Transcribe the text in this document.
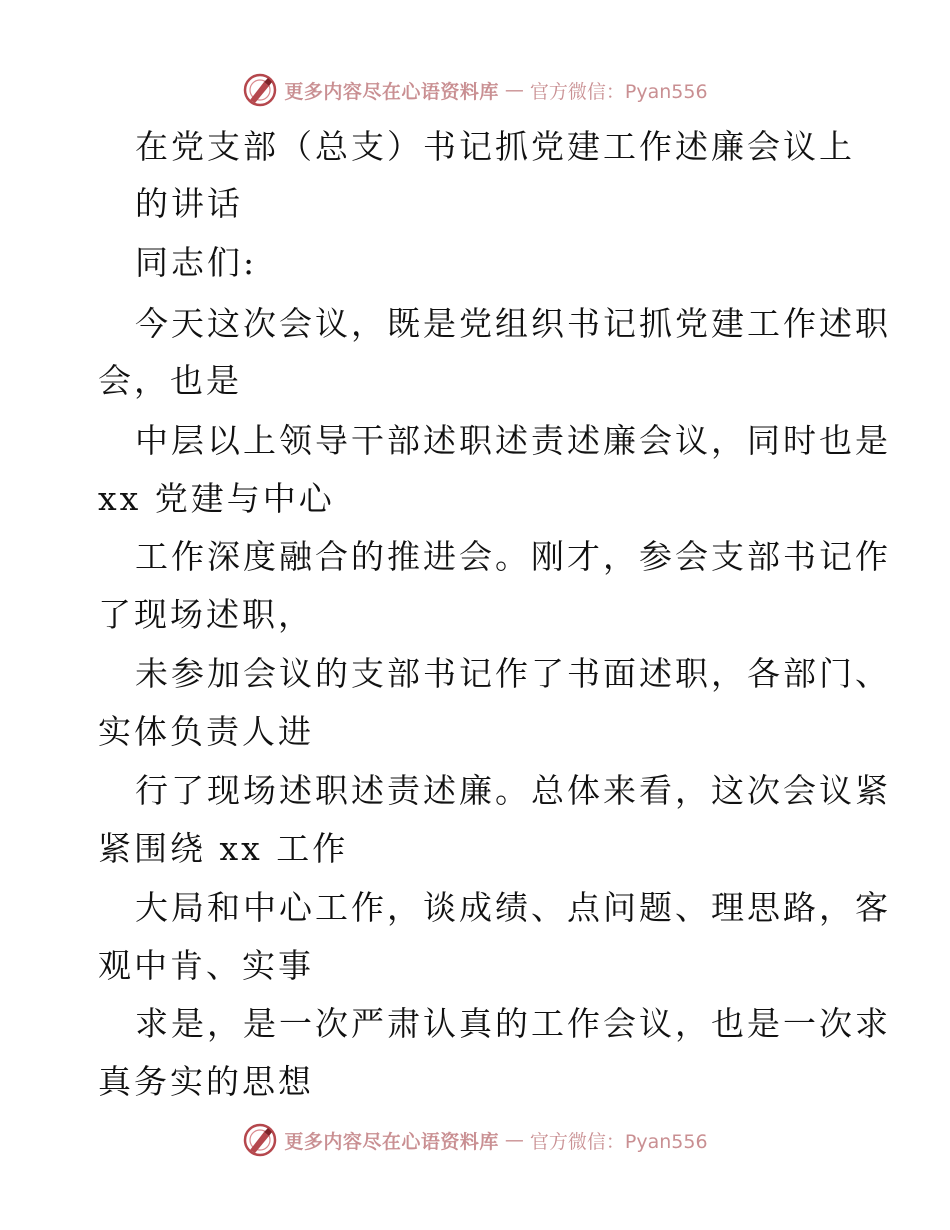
更多内容尽在心语资料库 — 官方微信：Pyan556
在党支部（总支）书记抓党建工作述廉会议上
的讲话
同志们:
今天这次会议，既是党组织书记抓党建工作述职
会，也是
中层以上领导干部述职述责述廉会议，同时也是
xx 党建与中心
工作深度融合的推进会。刚才，参会支部书记作
了现场述职，
未参加会议的支部书记作了书面述职，各部门、
实体负责人进
行了现场述职述责述廉。总体来看，这次会议紧
紧围绕 xx 工作
大局和中心工作，谈成绩、点问题、理思路，客
观中肯、实事
求是，是一次严肃认真的工作会议，也是一次求
真务实的思想
更多内容尽在心语资料库 — 官方微信：Pyan556
